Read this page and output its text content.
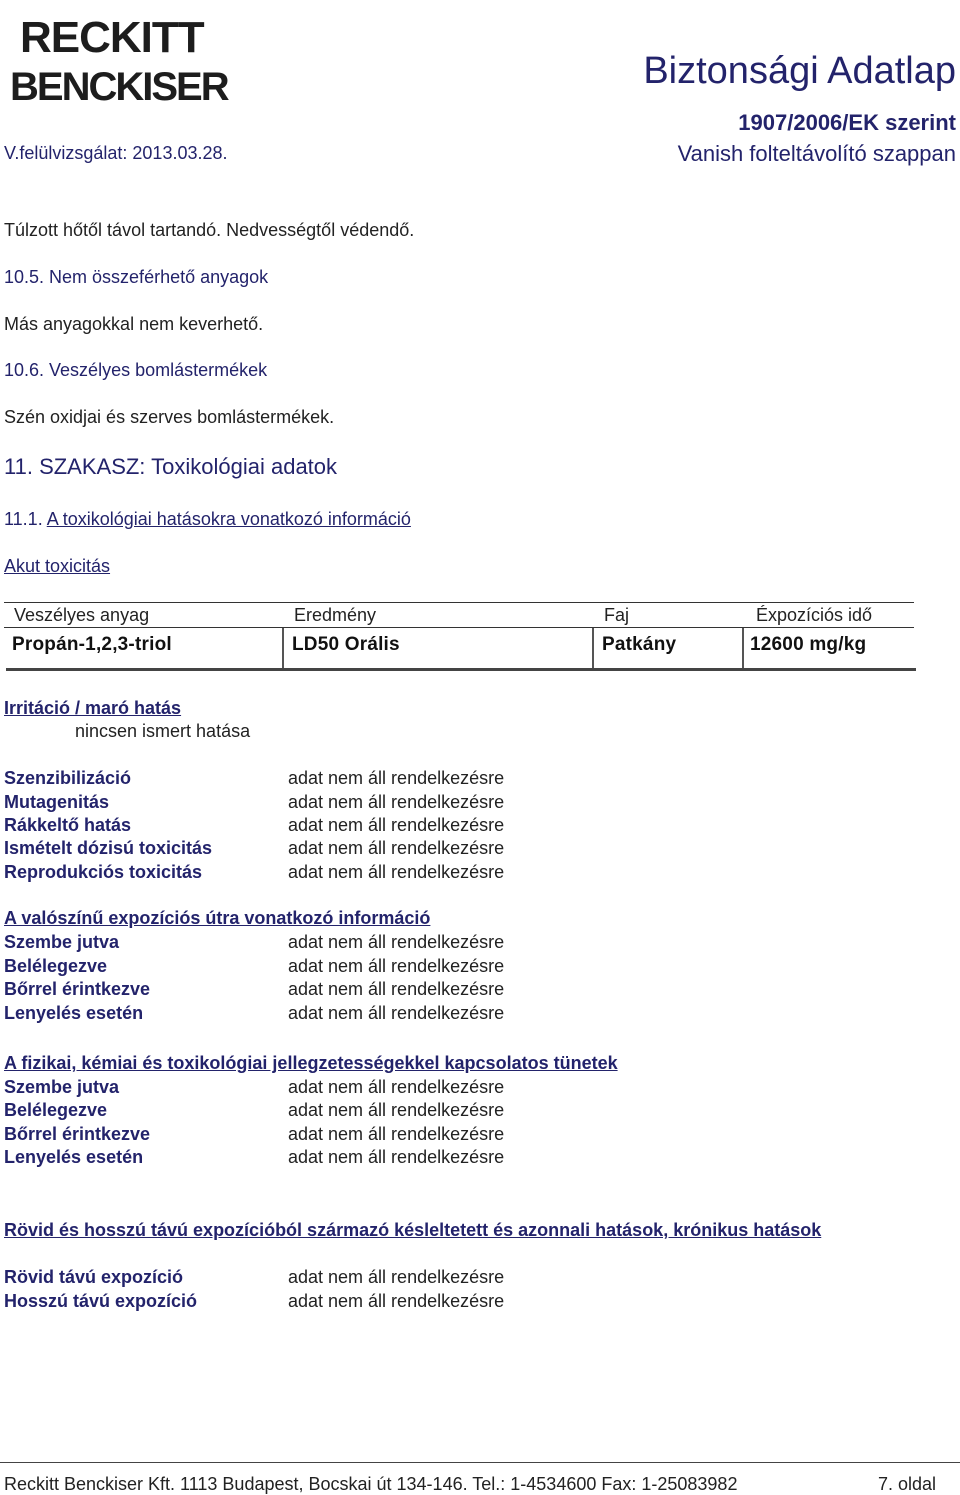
RECKITT
BENCKISER	Biztonsági Adatlap
1907/2006/EK szerint
V.felülvizsgálat: 2013.03.28.	Vanish folteltávolító szappan
Túlzott hőtől távol tartandó. Nedvességtől védendő.
10.5. Nem összeférhető anyagok
Más anyagokkal nem keverhető.
10.6. Veszélyes bomlástermékek
Szén oxidjai és szerves bomlástermékek.
11. SZAKASZ: Toxikológiai adatok
11.1. A toxikológiai hatásokra vonatkozó információ
Akut toxicitás
Veszélyes anyag	Eredmény	Faj	Éxpozíciós idő
Propán-1,2,3-triol	LD50 Orális	Patkány	12600 mg/kg
Irritáció / maró hatás
nincsen ismert hatása
Szenzibilizáció	adat nem áll rendelkezésre
Mutagenitás	adat nem áll rendelkezésre
Rákkeltő hatás	adat nem áll rendelkezésre
Ismételt dózisú toxicitás	adat nem áll rendelkezésre
Reprodukciós toxicitás	adat nem áll rendelkezésre
A valószínű expozíciós útra vonatkozó információ
Szembe jutva	adat nem áll rendelkezésre
Belélegezve	adat nem áll rendelkezésre
Bőrrel érintkezve	adat nem áll rendelkezésre
Lenyelés esetén	adat nem áll rendelkezésre
A fizikai, kémiai és toxikológiai jellegzetességekkel kapcsolatos tünetek
Szembe jutva	adat nem áll rendelkezésre
Belélegezve	adat nem áll rendelkezésre
Bőrrel érintkezve	adat nem áll rendelkezésre
Lenyelés esetén	adat nem áll rendelkezésre
Rövid és hosszú távú expozícióból származó késleltetett és azonnali hatások, krónikus hatások
Rövid távú expozíció	adat nem áll rendelkezésre
Hosszú távú expozíció	adat nem áll rendelkezésre
Reckitt Benckiser Kft. 1113 Budapest, Bocskai út 134-146. Tel.: 1-4534600 Fax: 1-25083982	7. oldal
